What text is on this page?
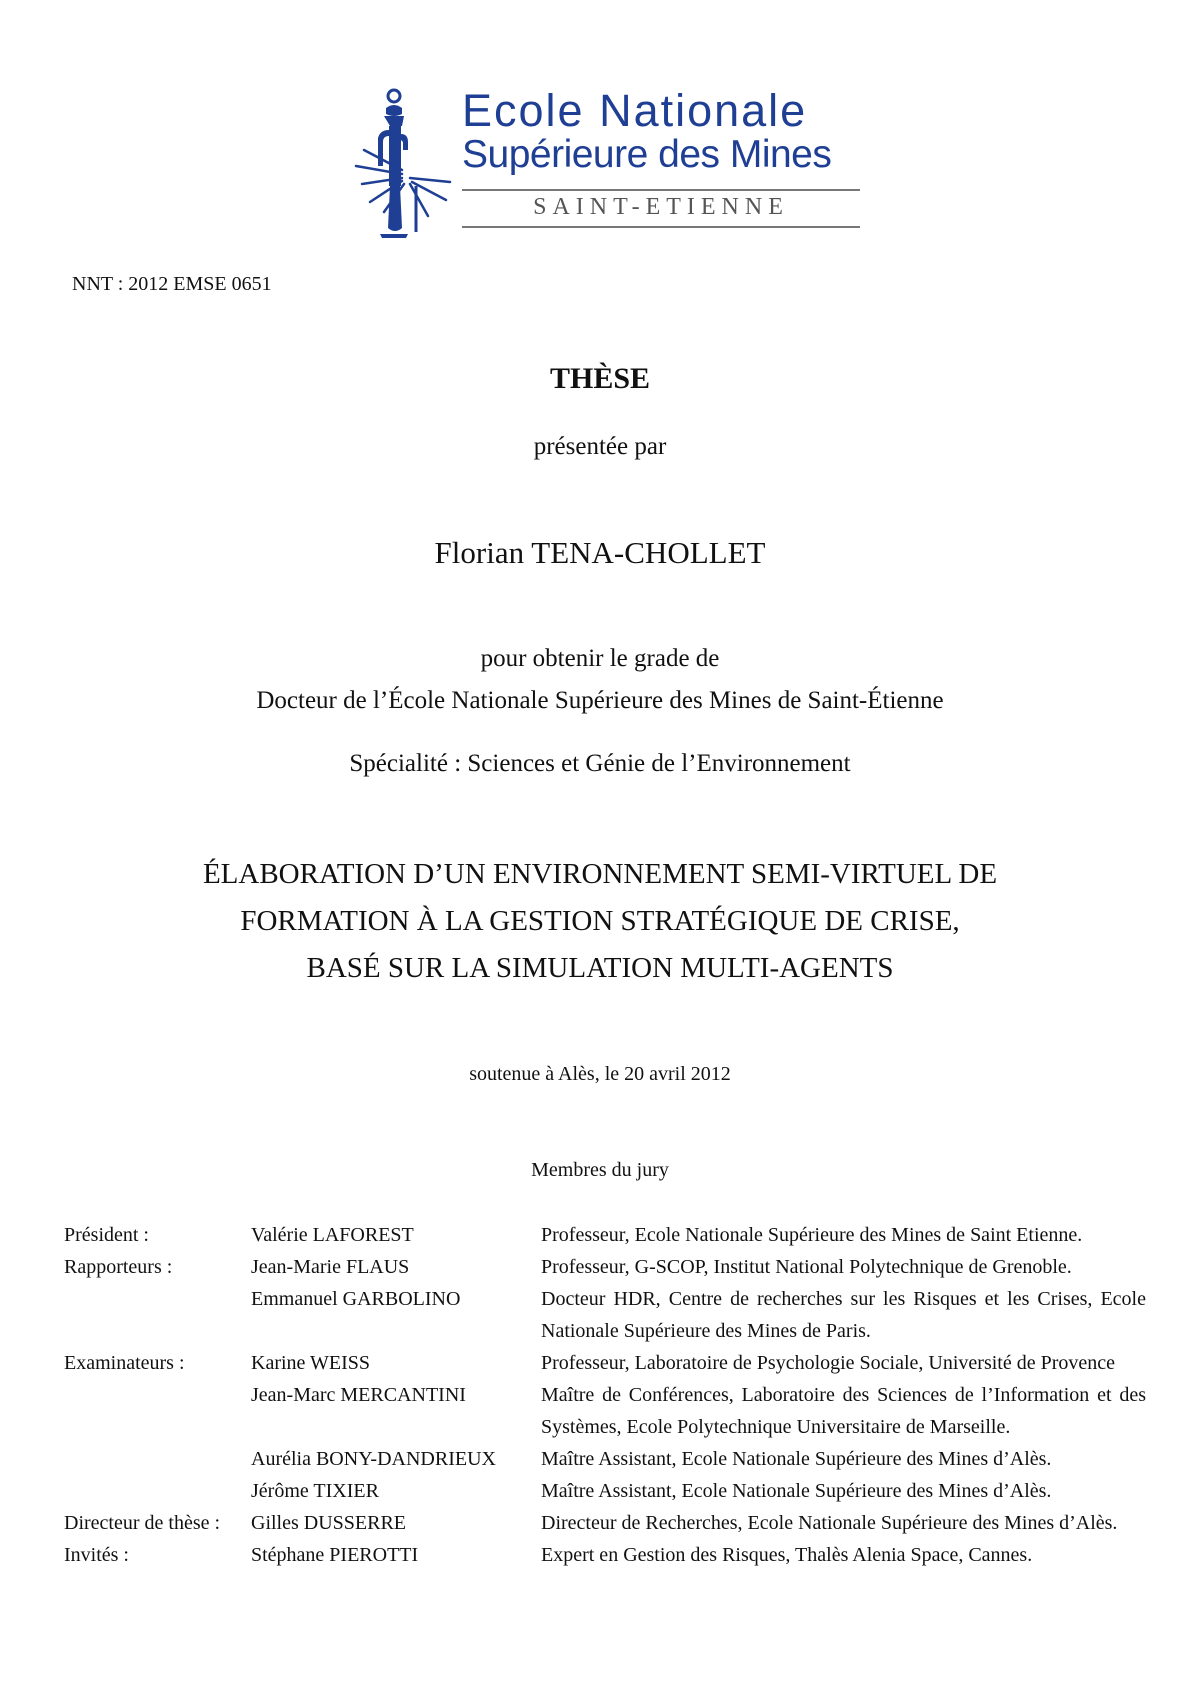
Ecole Nationale
Supérieure des Mines
SAINT-ETIENNE
NNT : 2012 EMSE 0651
THÈSE
présentée par
Florian TENA-CHOLLET
pour obtenir le grade de
Docteur de l’École Nationale Supérieure des Mines de Saint-Étienne
Spécialité : Sciences et Génie de l’Environnement
ÉLABORATION D’UN ENVIRONNEMENT SEMI-VIRTUEL DE
FORMATION À LA GESTION STRATÉGIQUE DE CRISE,
BASÉ SUR LA SIMULATION MULTI-AGENTS
soutenue à Alès, le 20 avril 2012
Membres du jury
Président :	Valérie LAFOREST	Professeur, Ecole Nationale Supérieure des Mines de Saint Etienne.
Rapporteurs :	Jean-Marie FLAUS	Professeur, G-SCOP, Institut National Polytechnique de Grenoble.
Emmanuel GARBOLINO	Docteur HDR, Centre de recherches sur les Risques et les Crises, Ecole Nationale Supérieure des Mines de Paris.
Examinateurs :	Karine WEISS	Professeur, Laboratoire de Psychologie Sociale, Université de Provence
Jean-Marc MERCANTINI	Maître de Conférences, Laboratoire des Sciences de l’Information et des Systèmes, Ecole Polytechnique Universitaire de Marseille.
Aurélia BONY-DANDRIEUX	Maître Assistant, Ecole Nationale Supérieure des Mines d’Alès.
Jérôme TIXIER	Maître Assistant, Ecole Nationale Supérieure des Mines d’Alès.
Directeur de thèse :	Gilles DUSSERRE	Directeur de Recherches, Ecole Nationale Supérieure des Mines d’Alès.
Invités :	Stéphane PIEROTTI	Expert en Gestion des Risques, Thalès Alenia Space, Cannes.
